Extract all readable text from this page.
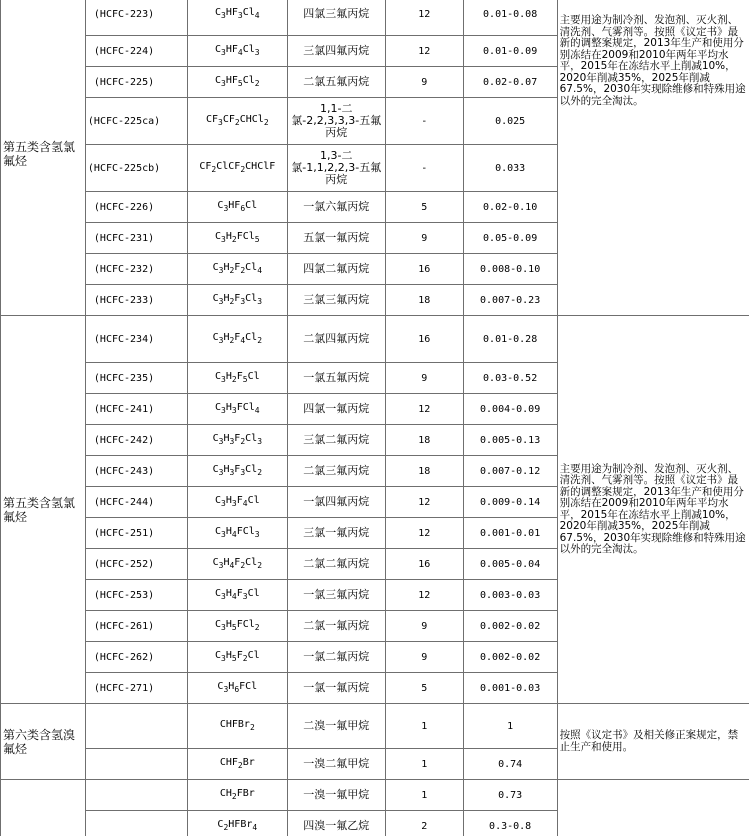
第五类含氢氯氟烃	(HCFC-223)	$C_3HF_3Cl_4$	四氯三氟丙烷	12	0.01-0.08	主要用途为制冷剂、发泡剂、灭火剂、清洗剂、气雾剂等。按照《议定书》最新的调整案规定，2013年生产和使用分别冻结在2009和2010年两年平均水平，2015年在冻结水平上削减10%，2020年削减35%，2025年削减67.5%，2030年实现除维修和特殊用途以外的完全淘汰。
	(HCFC-224)	$C_3HF_4Cl_3$	三氯四氟丙烷	12	0.01-0.09	
	(HCFC-225)	$C_3HF_5Cl_2$	二氯五氟丙烷	9	0.02-0.07	
	(HCFC-225ca)	$CF_3CF_2CHCl_2$	1,1-二氯-2,2,3,3,3-五氟丙烷	-	0.025	
	(HCFC-225cb)	$CF_2ClCF_2CHClF$	1,3-二氯-1,1,2,2,3-五氟丙烷	-	0.033	
	(HCFC-226)	$C_3HF_6Cl$	一氯六氟丙烷	5	0.02-0.10	
	(HCFC-231)	$C_3H_2FCl_5$	五氯一氟丙烷	9	0.05-0.09	
	(HCFC-232)	$C_3H_2F_2Cl_4$	四氯二氟丙烷	16	0.008-0.10	
	(HCFC-233)	$C_3H_2F_3Cl_3$	三氯三氟丙烷	18	0.007-0.23	
第五类含氢氯氟烃	(HCFC-234)	$C_3H_2F_4Cl_2$	二氯四氟丙烷	16	0.01-0.28	主要用途为制冷剂、发泡剂、灭火剂、清洗剂、气雾剂等。按照《议定书》最新的调整案规定，2013年生产和使用分别冻结在2009和2010年两年平均水平，2015年在冻结水平上削减10%，2020年削减35%，2025年削减67.5%，2030年实现除维修和特殊用途以外的完全淘汰。
	(HCFC-235)	$C_3H_2F_5Cl$	一氯五氟丙烷	9	0.03-0.52	
	(HCFC-241)	$C_3H_3FCl_4$	四氯一氟丙烷	12	0.004-0.09	
	(HCFC-242)	$C_3H_3F_2Cl_3$	三氯二氟丙烷	18	0.005-0.13	
	(HCFC-243)	$C_3H_3F_3Cl_2$	二氯三氟丙烷	18	0.007-0.12	
	(HCFC-244)	$C_3H_3F_4Cl$	一氯四氟丙烷	12	0.009-0.14	
	(HCFC-251)	$C_3H_4FCl_3$	三氯一氟丙烷	12	0.001-0.01	
	(HCFC-252)	$C_3H_4F_2Cl_2$	二氯二氟丙烷	16	0.005-0.04	
	(HCFC-253)	$C_3H_4F_3Cl$	一氯三氟丙烷	12	0.003-0.03	
	(HCFC-261)	$C_3H_5FCl_2$	二氯一氟丙烷	9	0.002-0.02	
	(HCFC-262)	$C_3H_5F_2Cl$	一氯二氟丙烷	9	0.002-0.02	
	(HCFC-271)	$C_3H_6FCl$	一氯一氟丙烷	5	0.001-0.03	
第六类含氢溴氟烃		CHFBr$_2$	二溴一氟甲烷	1	1	按照《议定书》及相关修正案规定，禁止生产和使用。
		$CHF_2Br$	一溴二氟甲烷	1	0.74	
		$CH_2FBr$	一溴一氟甲烷	1	0.73	
		$C_2HFBr_4$	四溴一氟乙烷	2	0.3-0.8	
